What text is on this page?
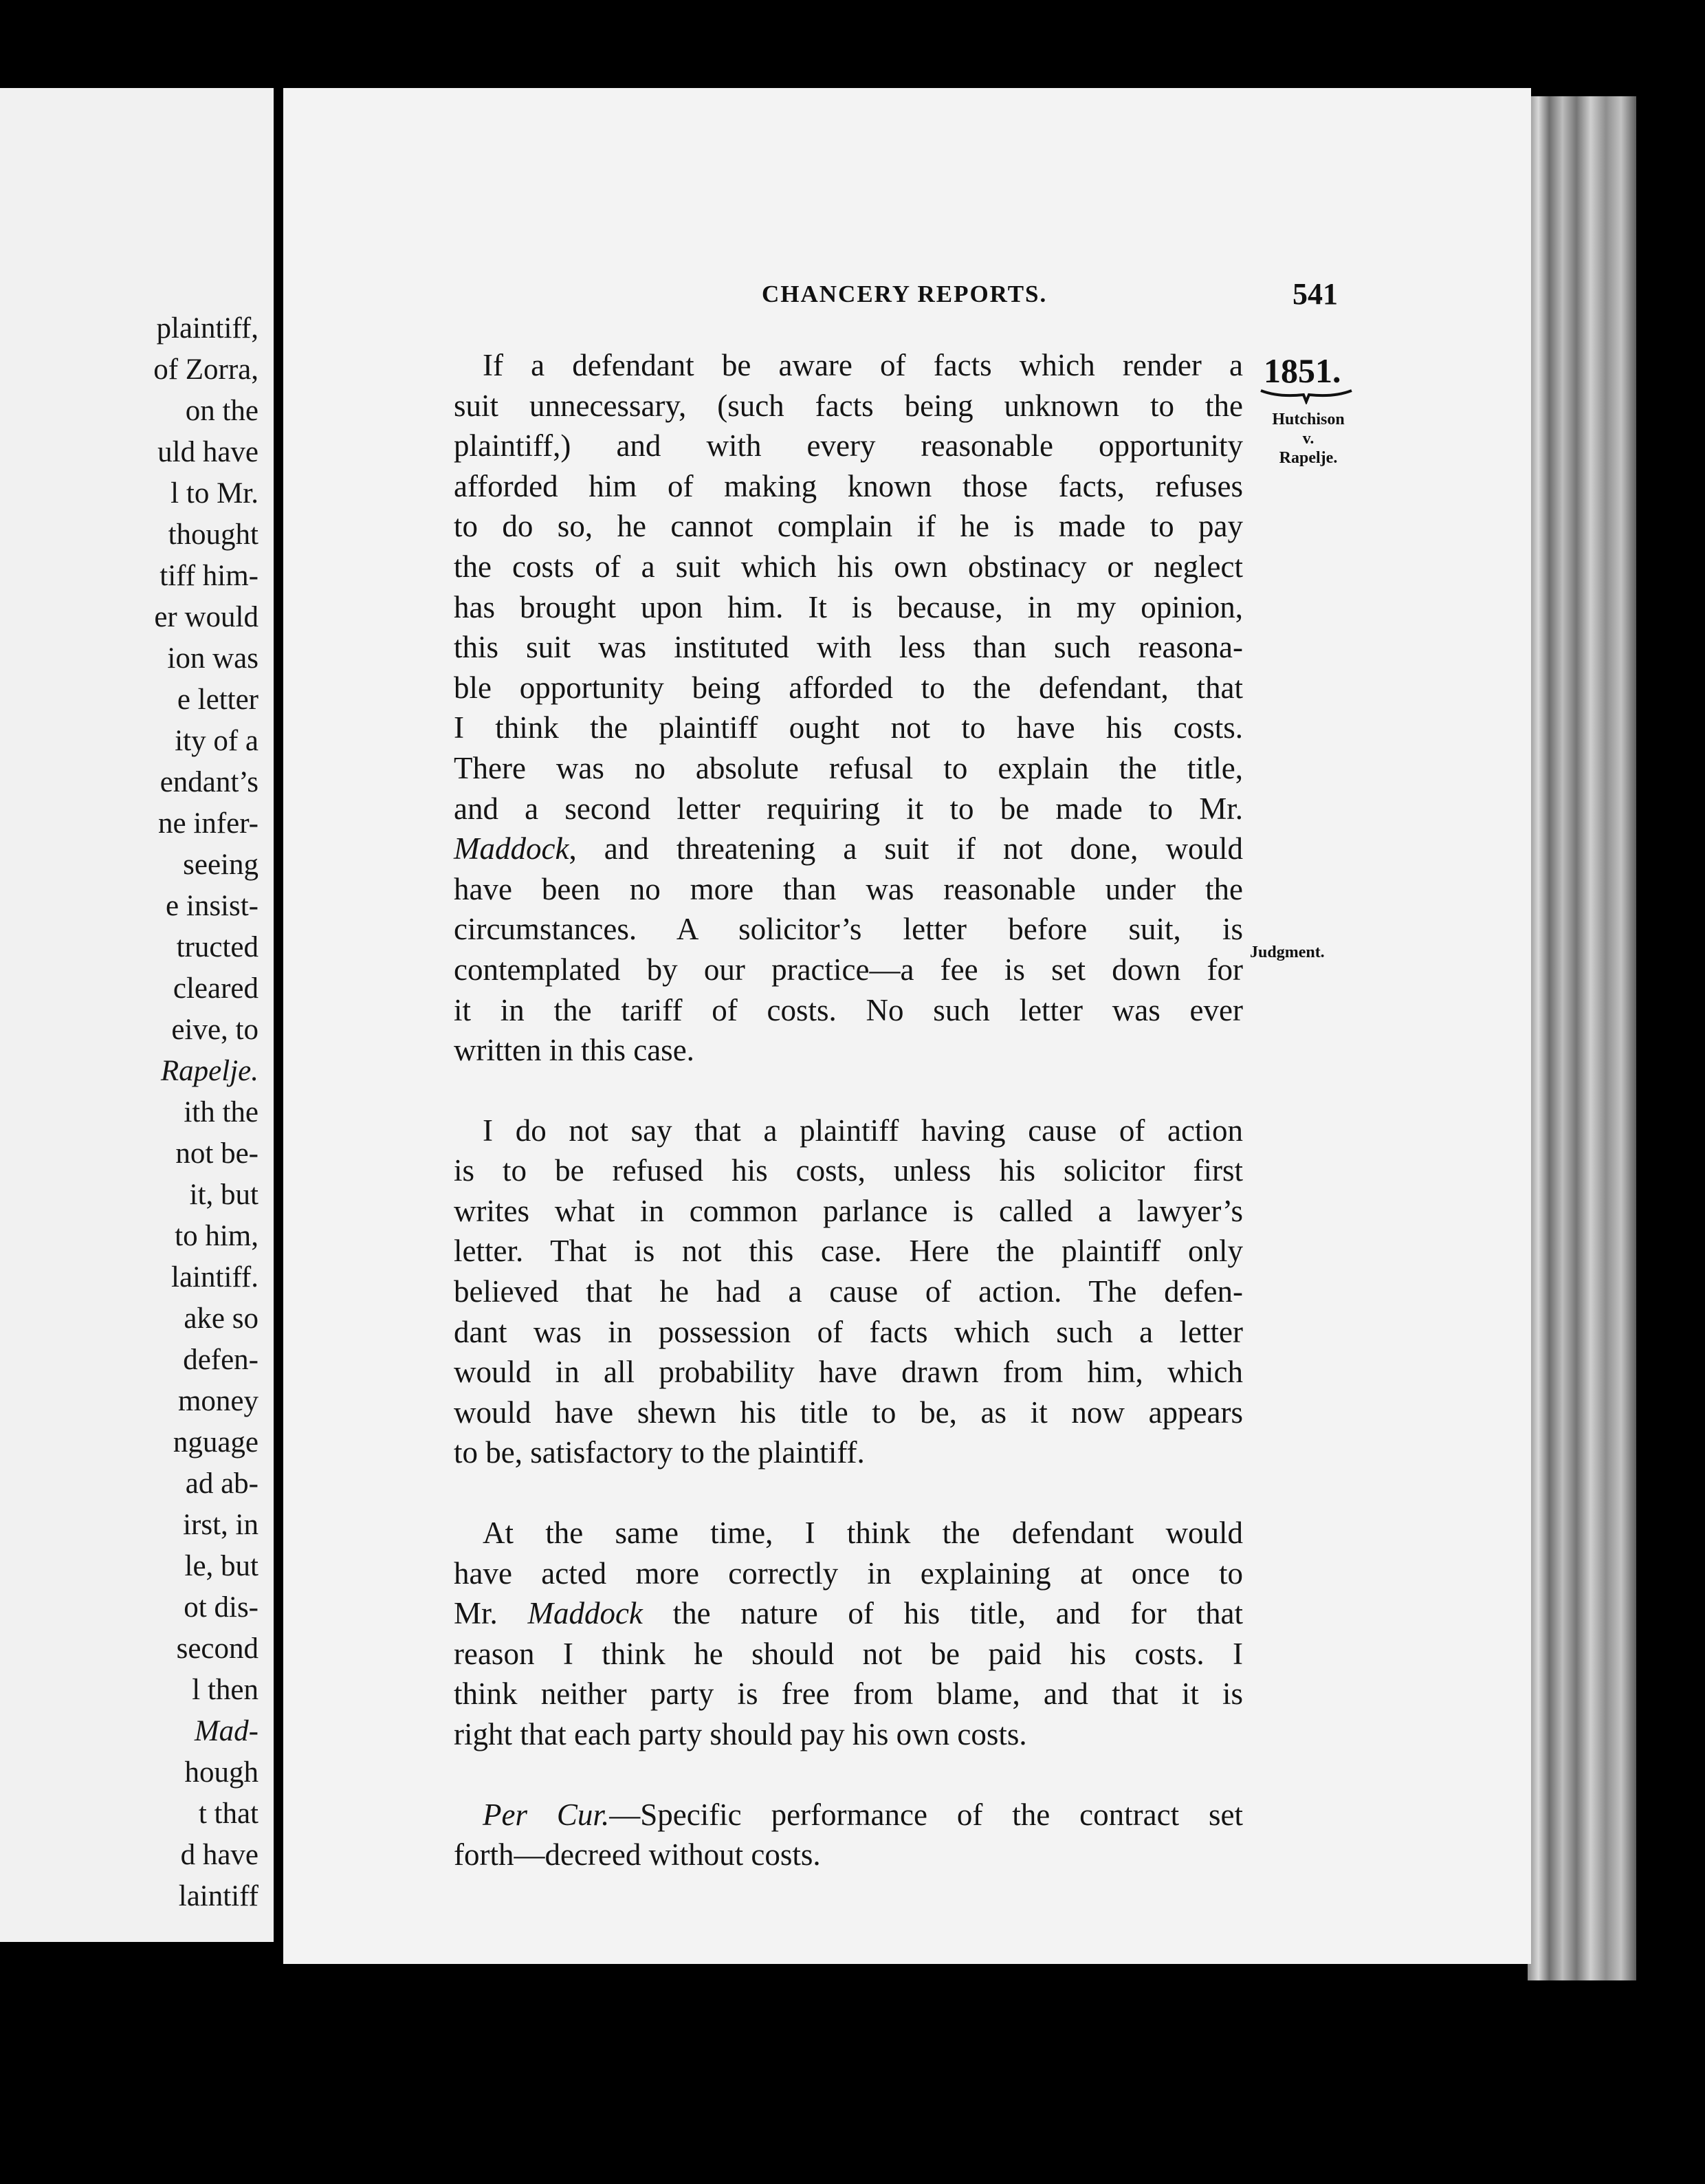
plaintiff,
of Zorra,
on the
uld have
l to Mr.
thought
tiff him-
er would
ion was
e letter
ity of a
endant’s
ne infer-
seeing
e insist-
tructed
cleared
eive, to
Rapelje.
ith the
not be-
it, but
to him,
laintiff.
ake so
defen-
money
nguage
ad ab-
irst, in
le, but
ot dis-
second
l then
Mad-
hough
t that
d have
laintiff
CHANCERY REPORTS.	541
1851.
Hutchison
v.
Rapelje.
Judgment.

If a defendant be aware of facts which render a
suit unnecessary, (such facts being unknown to the
plaintiff,) and with every reasonable opportunity
afforded him of making known those facts, refuses
to do so, he cannot complain if he is made to pay
the costs of a suit which his own obstinacy or neglect
has brought upon him. It is because, in my opinion,
this suit was instituted with less than such reasona-
ble opportunity being afforded to the defendant, that
I think the plaintiff ought not to have his costs.
There was no absolute refusal to explain the title,
and a second letter requiring it to be made to Mr.
Maddock, and threatening a suit if not done, would
have been no more than was reasonable under the
circumstances. A solicitor’s letter before suit, is
contemplated by our practice—a fee is set down for
it in the tariff of costs. No such letter was ever
written in this case.

I do not say that a plaintiff having cause of action
is to be refused his costs, unless his solicitor first
writes what in common parlance is called a lawyer’s
letter. That is not this case. Here the plaintiff only
believed that he had a cause of action. The defen-
dant was in possession of facts which such a letter
would in all probability have drawn from him, which
would have shewn his title to be, as it now appears
to be, satisfactory to the plaintiff.

At the same time, I think the defendant would
have acted more correctly in explaining at once to
Mr. Maddock the nature of his title, and for that
reason I think he should not be paid his costs. I
think neither party is free from blame, and that it is
right that each party should pay his own costs.

Per Cur.—Specific performance of the contract set
forth—decreed without costs.
